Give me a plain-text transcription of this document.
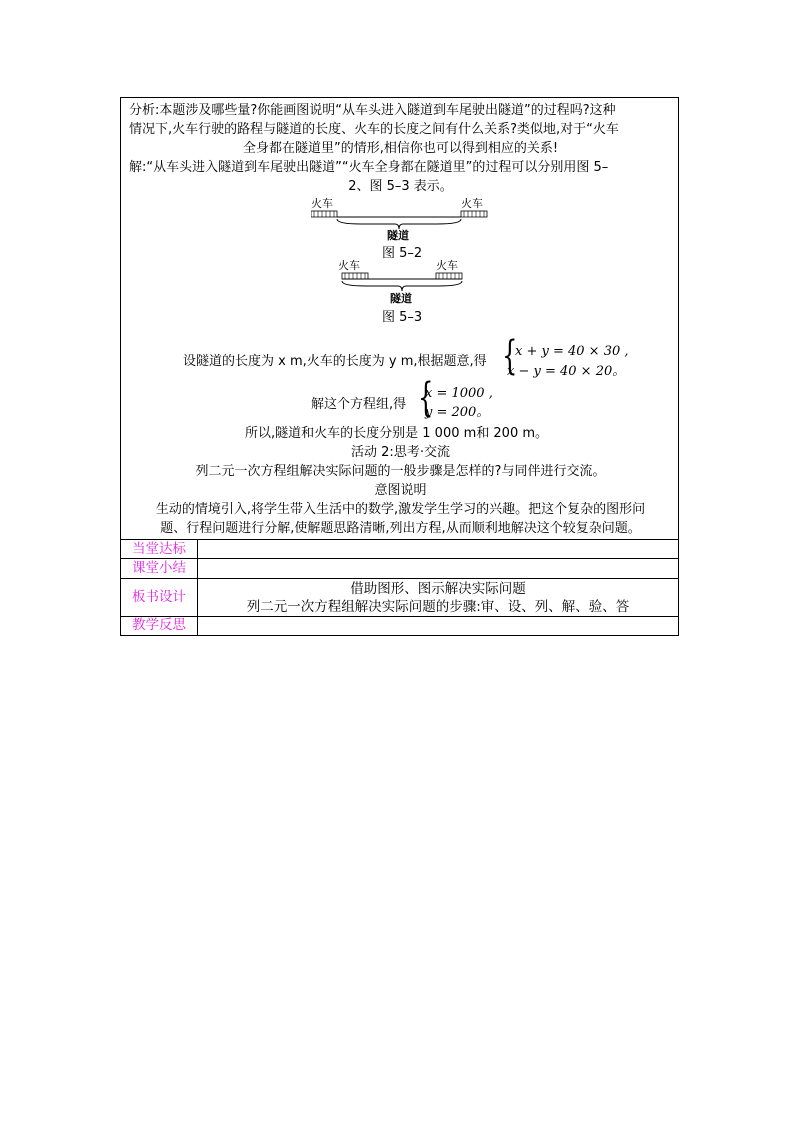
分析:本题涉及哪些量?你能画图说明“从车头进入隧道到车尾驶出隧道”的过程吗?这种
情况下,火车行驶的路程与隧道的长度、火车的长度之间有什么关系?类似地,对于“火车
全身都在隧道里”的情形,相信你也可以得到相应的关系!
解:“从车头进入隧道到车尾驶出隧道”“火车全身都在隧道里”的过程可以分别用图 5–
2、图 5–3 表示。
火车	火车
隧道
图 5–2
火车	火车
隧道
图 5–3
设隧道的长度为 x m,火车的长度为 y m,根据题意,得 {
x + y = 40 × 30 ,
x − y = 40 × 20。
解这个方程组,得 {
x = 1000 ,
y = 200。
所以,隧道和火车的长度分别是 1 000 m和 200 m。
活动 2:思考·交流
列二元一次方程组解决实际问题的一般步骤是怎样的?与同伴进行交流。
意图说明
生动的情境引入,将学生带入生活中的数学,激发学生学习的兴趣。把这个复杂的图形问
题、行程问题进行分解,使解题思路清晰,列出方程,从而顺利地解决这个较复杂问题。
当堂达标
课堂小结
板书设计	借助图形、图示解决实际问题
列二元一次方程组解决实际问题的步骤:审、设、列、解、验、答
教学反思
